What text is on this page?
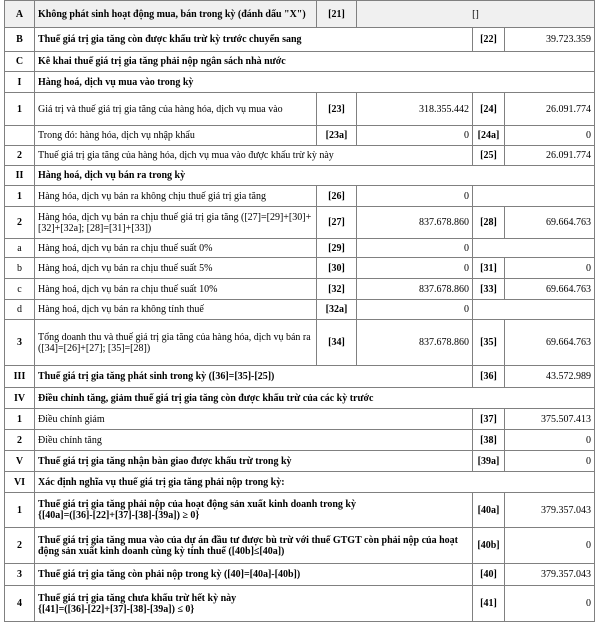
A	Không phát sinh hoạt động mua, bán trong kỳ (đánh dấu "X")	[21]	[]		
B	Thuế giá trị gia tăng còn được khấu trừ kỳ trước chuyển sang			[22]	39.723.359
C	Kê khai thuế giá trị gia tăng phải nộp ngân sách nhà nước				
I	Hàng hoá, dịch vụ mua vào trong kỳ				
1	Giá trị và thuế giá trị gia tăng của hàng hóa, dịch vụ mua vào	[23]	318.355.442	[24]	26.091.774
	Trong đó: hàng hóa, dịch vụ nhập khẩu	[23a]	0	[24a]	0
2	Thuế giá trị gia tăng của hàng hóa, dịch vụ mua vào được khấu trừ kỳ này			[25]	26.091.774
II	Hàng hoá, dịch vụ bán ra trong kỳ				
1	Hàng hóa, dịch vụ bán ra không chịu thuế giá trị gia tăng	[26]	0		
2	Hàng hóa, dịch vụ bán ra chịu thuế giá trị gia tăng ([27]=[29]+[30]+[32]+[32a]; [28]=[31]+[33])	[27]	837.678.860	[28]	69.664.763
a	Hàng hoá, dịch vụ bán ra chịu thuế suất 0%	[29]	0		
b	Hàng hoá, dịch vụ bán ra chịu thuế suất 5%	[30]	0	[31]	0
c	Hàng hoá, dịch vụ bán ra chịu thuế suất 10%	[32]	837.678.860	[33]	69.664.763
d	Hàng hoá, dịch vụ bán ra không tính thuế	[32a]	0		
3	Tổng doanh thu và thuế giá trị gia tăng của hàng hóa, dịch vụ bán ra
([34]=[26]+[27]; [35]=[28])	[34]	837.678.860	[35]	69.664.763
III	Thuế giá trị gia tăng phát sinh trong kỳ ([36]=[35]-[25])			[36]	43.572.989
IV	Điều chỉnh tăng, giảm thuế giá trị gia tăng còn được khấu trừ của các kỳ trước				
1	Điều chỉnh giảm			[37]	375.507.413
2	Điều chỉnh tăng			[38]	0
V	Thuế giá trị gia tăng nhận bàn giao được khấu trừ trong kỳ			[39a]	0
VI	Xác định nghĩa vụ thuế giá trị gia tăng phải nộp trong kỳ:				
1	Thuế giá trị gia tăng phải nộp của hoạt động sản xuất kinh doanh trong kỳ
{[40a]=([36]-[22]+[37]-[38]-[39a]) ≥ 0}			[40a]	379.357.043
2	Thuế giá trị gia tăng mua vào của dự án đầu tư được bù trừ với thuế GTGT còn phải nộp của hoạt động sản xuất kinh doanh cùng kỳ tính thuế ([40b]≤[40a])			[40b]	0
3	Thuế giá trị gia tăng còn phải nộp trong kỳ ([40]=[40a]-[40b])			[40]	379.357.043
4	Thuế giá trị gia tăng chưa khấu trừ hết kỳ này
{[41]=([36]-[22]+[37]-[38]-[39a]) ≤ 0}			[41]	0
